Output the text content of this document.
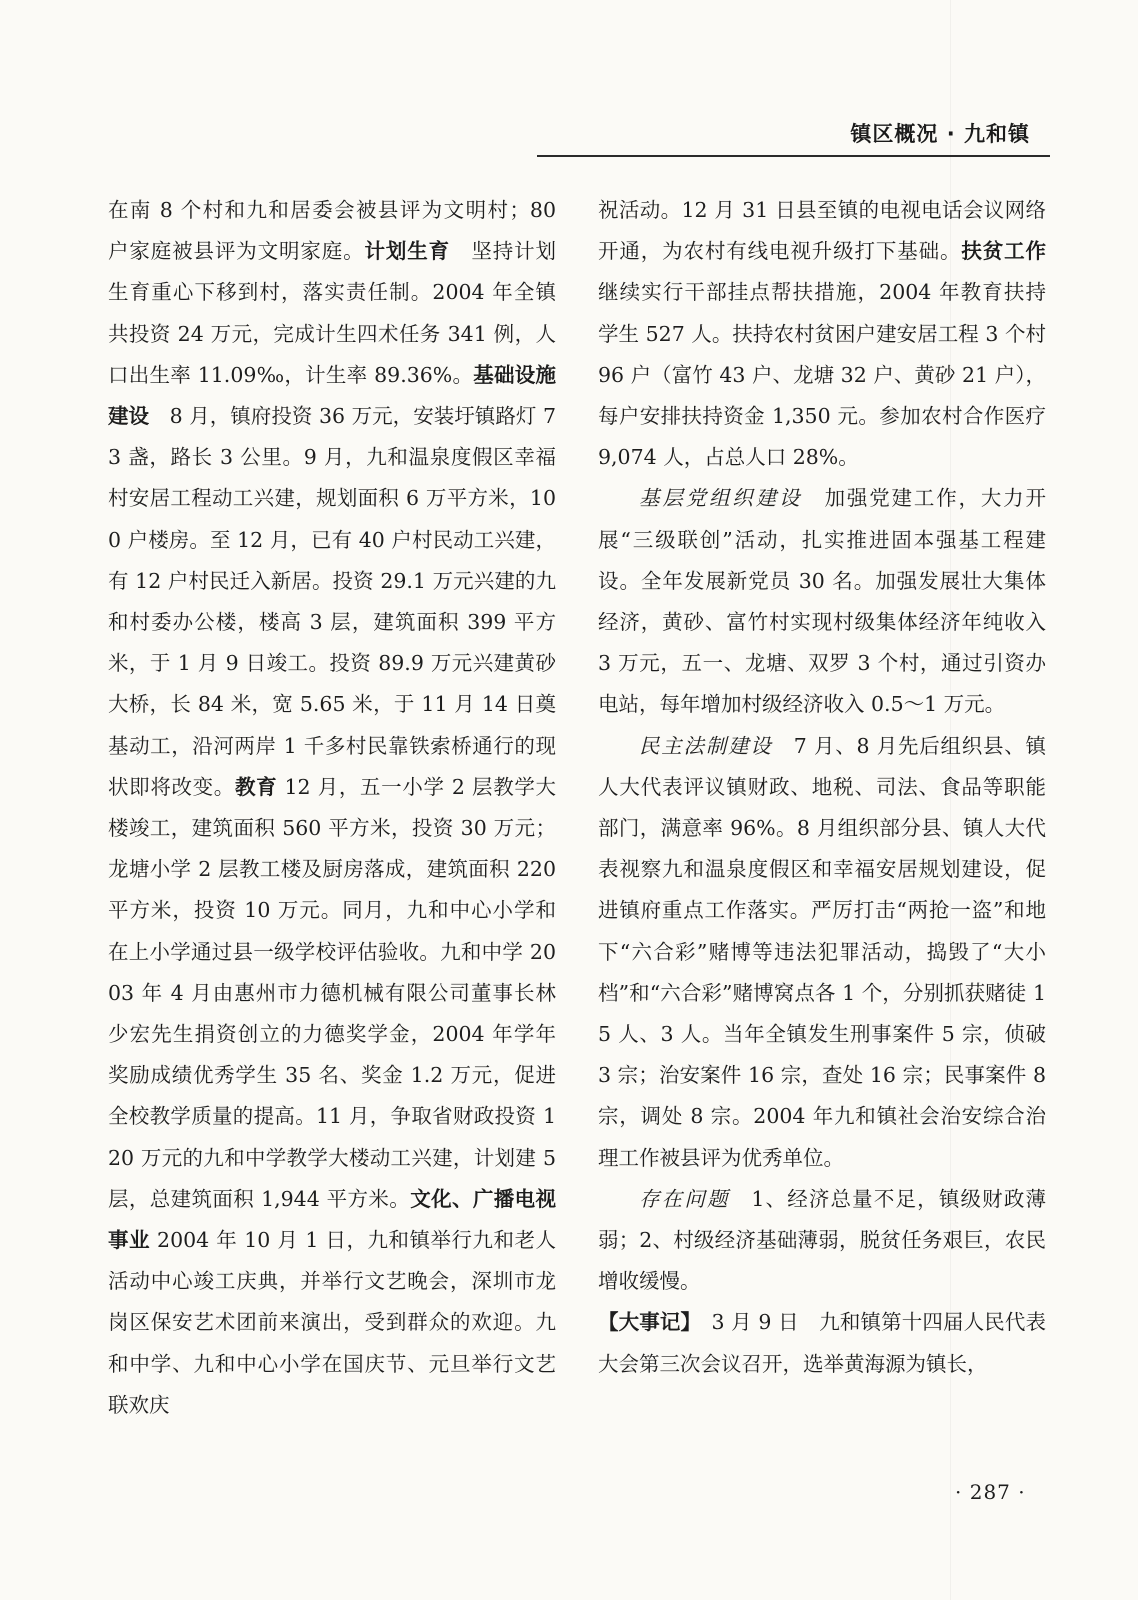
镇区概况 · 九和镇

在南 8 个村和九和居委会被县评为文明村；80 户家庭被县评为文明家庭。计划生育　坚持计划生育重心下移到村，落实责任制。2004 年全镇共投资 24 万元，完成计生四术任务 341 例，人口出生率 11.09‰，计生率 89.36%。基础设施建设　8 月，镇府投资 36 万元，安装圩镇路灯 73 盏，路长 3 公里。9 月，九和温泉度假区幸福村安居工程动工兴建，规划面积 6 万平方米，100 户楼房。至 12 月，已有 40 户村民动工兴建，有 12 户村民迁入新居。投资 29.1 万元兴建的九和村委办公楼，楼高 3 层，建筑面积 399 平方米，于 1 月 9 日竣工。投资 89.9 万元兴建黄砂大桥，长 84 米，宽 5.65 米，于 11 月 14 日奠基动工，沿河两岸 1 千多村民靠铁索桥通行的现状即将改变。教育 12 月，五一小学 2 层教学大楼竣工，建筑面积 560 平方米，投资 30 万元；龙塘小学 2 层教工楼及厨房落成，建筑面积 220 平方米，投资 10 万元。同月，九和中心小学和在上小学通过县一级学校评估验收。九和中学 2003 年 4 月由惠州市力德机械有限公司董事长林少宏先生捐资创立的力德奖学金，2004 年学年奖励成绩优秀学生 35 名、奖金 1.2 万元，促进全校教学质量的提高。11 月，争取省财政投资 120 万元的九和中学教学大楼动工兴建，计划建 5 层，总建筑面积 1,944 平方米。文化、广播电视事业 2004 年 10 月 1 日，九和镇举行九和老人活动中心竣工庆典，并举行文艺晚会，深圳市龙岗区保安艺术团前来演出，受到群众的欢迎。九和中学、九和中心小学在国庆节、元旦举行文艺联欢庆

祝活动。12 月 31 日县至镇的电视电话会议网络开通，为农村有线电视升级打下基础。扶贫工作继续实行干部挂点帮扶措施，2004 年教育扶持学生 527 人。扶持农村贫困户建安居工程 3 个村 96 户（富竹 43 户、龙塘 32 户、黄砂 21 户），每户安排扶持资金 1,350 元。参加农村合作医疗 9,074 人，占总人口 28%。

基层党组织建设　加强党建工作，大力开展“三级联创”活动，扎实推进固本强基工程建设。全年发展新党员 30 名。加强发展壮大集体经济，黄砂、富竹村实现村级集体经济年纯收入 3 万元，五一、龙塘、双罗 3 个村，通过引资办电站，每年增加村级经济收入 0.5～1 万元。

民主法制建设　7 月、8 月先后组织县、镇人大代表评议镇财政、地税、司法、食品等职能部门，满意率 96%。8 月组织部分县、镇人大代表视察九和温泉度假区和幸福安居规划建设，促进镇府重点工作落实。严厉打击“两抢一盗”和地下“六合彩”赌博等违法犯罪活动，捣毁了“大小档”和“六合彩”赌博窝点各 1 个，分别抓获赌徒 15 人、3 人。当年全镇发生刑事案件 5 宗，侦破 3 宗；治安案件 16 宗，查处 16 宗；民事案件 8 宗，调处 8 宗。2004 年九和镇社会治安综合治理工作被县评为优秀单位。

存在问题　1、经济总量不足，镇级财政薄弱；2、村级经济基础薄弱，脱贫任务艰巨，农民增收缓慢。

【大事记】　3 月 9 日　九和镇第十四届人民代表大会第三次会议召开，选举黄海源为镇长，

· 287 ·
